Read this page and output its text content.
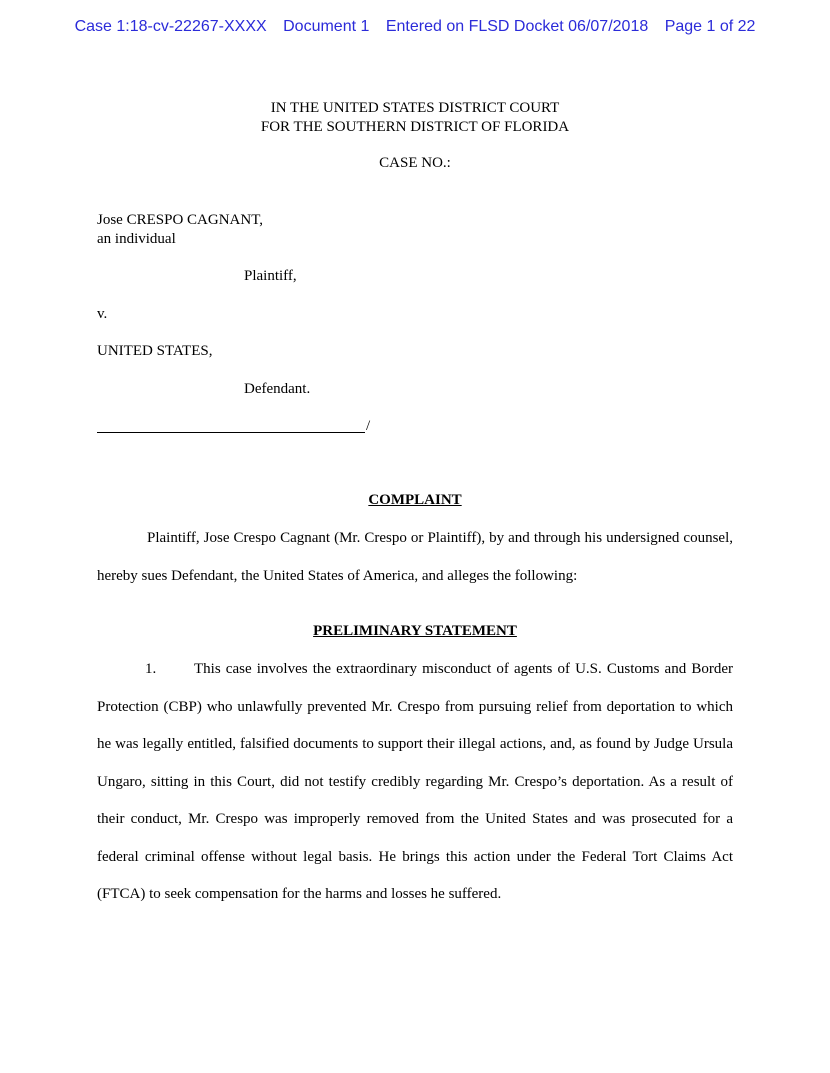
Case 1:18-cv-22267-XXXX Document 1 Entered on FLSD Docket 06/07/2018 Page 1 of 22
IN THE UNITED STATES DISTRICT COURT
FOR THE SOUTHERN DISTRICT OF FLORIDA
CASE NO.:
Jose CRESPO CAGNANT,
an individual
Plaintiff,
v.
UNITED STATES,
Defendant.
/
COMPLAINT
Plaintiff, Jose Crespo Cagnant (Mr. Crespo or Plaintiff), by and through his undersigned counsel, hereby sues Defendant, the United States of America, and alleges the following:
PRELIMINARY STATEMENT
1.	This case involves the extraordinary misconduct of agents of U.S. Customs and Border Protection (CBP) who unlawfully prevented Mr. Crespo from pursuing relief from deportation to which he was legally entitled, falsified documents to support their illegal actions, and, as found by Judge Ursula Ungaro, sitting in this Court, did not testify credibly regarding Mr. Crespo’s deportation. As a result of their conduct, Mr. Crespo was improperly removed from the United States and was prosecuted for a federal criminal offense without legal basis. He brings this action under the Federal Tort Claims Act (FTCA) to seek compensation for the harms and losses he suffered.
